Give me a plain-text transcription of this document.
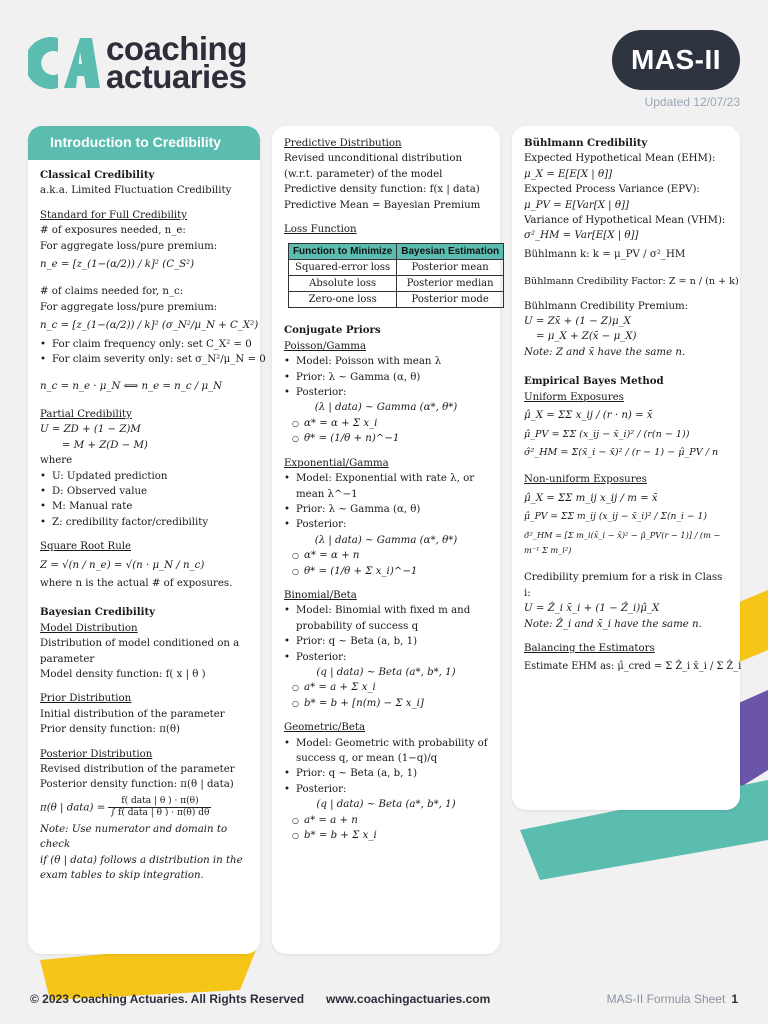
coaching
actuaries	MAS-II
Updated 12/07/23
Introduction to Credibility
Classical Credibility
a.k.a. Limited Fluctuation Credibility
Standard for Full Credibility
# of exposures needed, n_e:
For aggregate loss/pure premium:
n_e = [z_(1−(α/2)) / k]² (C_S²)
# of claims needed for, n_c:
For aggregate loss/pure premium:
n_c = [z_(1−(α/2)) / k]² (σ_N²/μ_N + C_X²)
• For claim frequency only: set C_X² = 0
• For claim severity only: set σ_N²/μ_N = 0
n_c = n_e · μ_N ⟺ n_e = n_c / μ_N
Partial Credibility
U = ZD + (1 − Z)M
= M + Z(D − M)
where
• U: Updated prediction
• D: Observed value
• M: Manual rate
• Z: credibility factor/credibility
Square Root Rule
Z = √(n / n_e) = √(n · μ_N / n_c)
where n is the actual # of exposures.
Bayesian Credibility
Model Distribution
Distribution of model conditioned on a
parameter
Model density function: f( x | θ )
Prior Distribution
Initial distribution of the parameter
Prior density function: π(θ)
Posterior Distribution
Revised distribution of the parameter
Posterior density function: π(θ | data)
π(θ | data) = $\frac{\text{f( data | θ ) · π(θ)}}{\text{∫ f( data | θ ) · π(θ) dθ}}$
Note: Use numerator and domain to check
if (θ | data) follows a distribution in the
exam tables to skip integration.
Predictive Distribution
Revised unconditional distribution
(w.r.t. parameter) of the model
Predictive density function: f(x | data)
Predictive Mean = Bayesian Premium
Loss Function
Function to Minimize	Bayesian Estimation
Squared-error loss	Posterior mean
Absolute loss	Posterior median
Zero-one loss	Posterior mode
Conjugate Priors
Poisson/Gamma
• Model: Poisson with mean λ
• Prior: λ ~ Gamma (α, θ)
• Posterior:
(λ | data) ~ Gamma (α*, θ*)
○ α* = α + Σ x_i
○ θ* = (1/θ + n)^−1
Exponential/Gamma
• Model: Exponential with rate λ, or
mean λ^−1
• Prior: λ ~ Gamma (α, θ)
• Posterior:
(λ | data) ~ Gamma (α*, θ*)
○ α* = α + n
○ θ* = (1/θ + Σ x_i)^−1
Binomial/Beta
• Model: Binomial with fixed m and
probability of success q
• Prior: q ~ Beta (a, b, 1)
• Posterior:
(q | data) ~ Beta (a*, b*, 1)
○ a* = a + Σ x_i
○ b* = b + [n(m) − Σ x_i]
Geometric/Beta
• Model: Geometric with probability of
success q, or mean (1−q)/q
• Prior: q ~ Beta (a, b, 1)
• Posterior:
(q | data) ~ Beta (a*, b*, 1)
○ a* = a + n
○ b* = b + Σ x_i
Bühlmann Credibility
Expected Hypothetical Mean (EHM):
μ_X = E[E[X | θ]]
Expected Process Variance (EPV):
μ_PV = E[Var[X | θ]]
Variance of Hypothetical Mean (VHM):
σ²_HM = Var[E[X | θ]]
Bühlmann k: k = μ_PV / σ²_HM
Bühlmann Credibility Factor: Z = n / (n + k)
Bühlmann Credibility Premium:
U = Zx̄ + (1 − Z)μ_X
= μ_X + Z(x̄ − μ_X)
Note: Z and x̄ have the same n.
Empirical Bayes Method
Uniform Exposures
μ̂_X = ΣΣ x_ij / (r · n) = x̄
μ̂_PV = ΣΣ (x_ij − x̄_i)² / (r(n − 1))
σ̂²_HM = Σ(x̄_i − x̄)² / (r − 1) − μ̂_PV / n
Non-uniform Exposures
μ̂_X = ΣΣ m_ij x_ij / m = x̄
μ̂_PV = ΣΣ m_ij (x_ij − x̄_i)² / Σ(n_i − 1)
σ̂²_HM = [Σ m_i(x̄_i − x̄)² − μ̂_PV(r − 1)] / (m − m⁻¹ Σ m_i²)
Credibility premium for a risk in Class i:
U = Ẑ_i x̄_i + (1 − Ẑ_i)μ̂_X
Note: Ẑ_i and x̄_i have the same n.
Balancing the Estimators
Estimate EHM as: μ̂_cred = Σ Ẑ_i x̄_i / Σ Ẑ_i
© 2023 Coaching Actuaries. All Rights Reserved www.coachingactuaries.com	MAS-II Formula Sheet 1
